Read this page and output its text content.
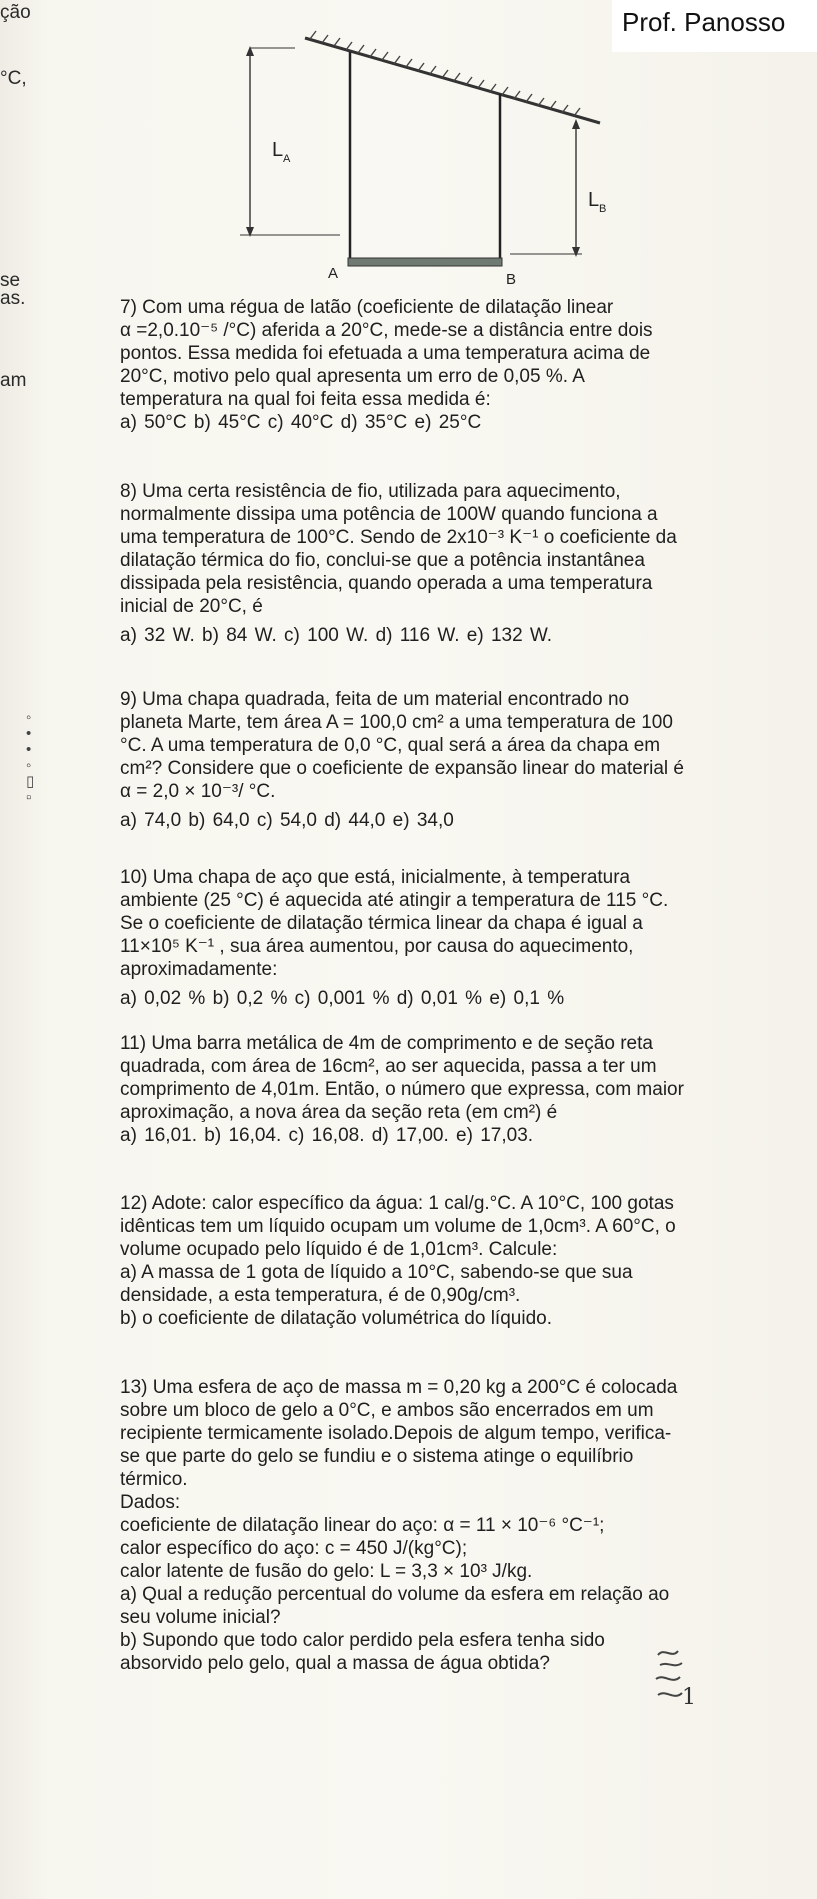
ção
°C,
se
as.
am
Prof. Panosso
L A
L B
A	B

7) Com uma régua de latão (coeficiente de dilatação linear

α =2,0.10⁻⁵ /°C) aferida a 20°C, mede-se a distância entre dois

pontos. Essa medida foi efetuada a uma temperatura acima de

20°C, motivo pelo qual apresenta um erro de 0,05 %. A

temperatura na qual foi feita essa medida é:

a) 50°C b) 45°C c) 40°C d) 35°C e) 25°C

8) Uma certa resistência de fio, utilizada para aquecimento,

normalmente dissipa uma potência de 100W quando funciona a

uma temperatura de 100°C. Sendo de 2x10⁻³ K⁻¹ o coeficiente da

dilatação térmica do fio, conclui-se que a potência instantânea

dissipada pela resistência, quando operada a uma temperatura

inicial de 20°C, é

a) 32 W. b) 84 W. c) 100 W. d) 116 W. e) 132 W.

9) Uma chapa quadrada, feita de um material encontrado no

planeta Marte, tem área A = 100,0 cm² a uma temperatura de 100

°C. A uma temperatura de 0,0 °C, qual será a área da chapa em

cm²? Considere que o coeficiente de expansão linear do material é

α = 2,0 × 10⁻³/ °C.

a) 74,0 b) 64,0 c) 54,0 d) 44,0 e) 34,0

10) Uma chapa de aço que está, inicialmente, à temperatura

ambiente (25 °C) é aquecida até atingir a temperatura de 115 °C.

Se o coeficiente de dilatação térmica linear da chapa é igual a

11×10⁵ K⁻¹ , sua área aumentou, por causa do aquecimento,

aproximadamente:

a) 0,02 % b) 0,2 % c) 0,001 % d) 0,01 % e) 0,1 %

11) Uma barra metálica de 4m de comprimento e de seção reta

quadrada, com área de 16cm², ao ser aquecida, passa a ter um

comprimento de 4,01m. Então, o número que expressa, com maior

aproximação, a nova área da seção reta (em cm²) é

a) 16,01. b) 16,04. c) 16,08. d) 17,00. e) 17,03.

12) Adote: calor específico da água: 1 cal/g.°C. A 10°C, 100 gotas

idênticas tem um líquido ocupam um volume de 1,0cm³. A 60°C, o

volume ocupado pelo líquido é de 1,01cm³. Calcule:

a) A massa de 1 gota de líquido a 10°C, sabendo-se que sua

densidade, a esta temperatura, é de 0,90g/cm³.

b) o coeficiente de dilatação volumétrica do líquido.

13) Uma esfera de aço de massa m = 0,20 kg a 200°C é colocada

sobre um bloco de gelo a 0°C, e ambos são encerrados em um

recipiente termicamente isolado.Depois de algum tempo, verifica-

se que parte do gelo se fundiu e o sistema atinge o equilíbrio

térmico.

Dados:

coeficiente de dilatação linear do aço: α = 11 × 10⁻⁶ °C⁻¹;

calor específico do aço: c = 450 J/(kg°C);

calor latente de fusão do gelo: L = 3,3 × 10³ J/kg.

a) Qual a redução percentual do volume da esfera em relação ao

seu volume inicial?

b) Supondo que todo calor perdido pela esfera tenha sido

absorvido pelo gelo, qual a massa de água obtida?

◦
•
•
◦
▯
▫
1
